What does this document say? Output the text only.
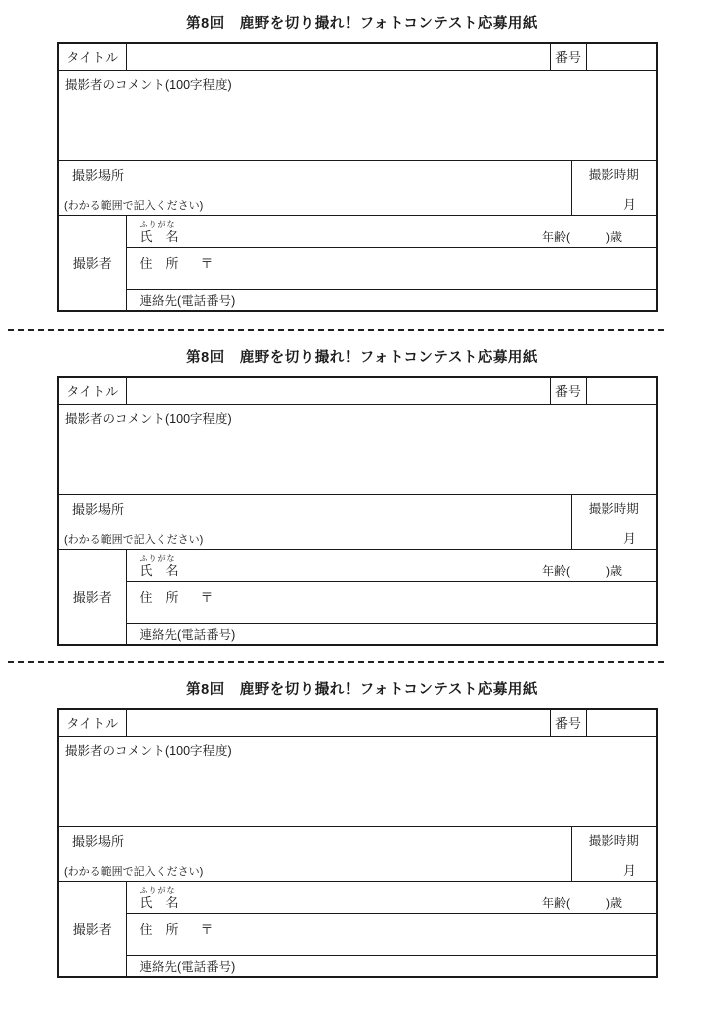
第8回　鹿野を切り撮れ！フォトコンテスト応募用紙
タイトル		番号		

撮影者のコメント(100字程度)				

撮影場所
(わかる範囲で記入ください)			撮影時期
月	

撮影者	ふりがな
氏　名 年齢(　　　)歳			

	住　所 〒			

	連絡先(電話番号)			
第8回　鹿野を切り撮れ！フォトコンテスト応募用紙
タイトル		番号		

撮影者のコメント(100字程度)				

撮影場所
(わかる範囲で記入ください)			撮影時期
月	

撮影者	ふりがな
氏　名 年齢(　　　)歳			

	住　所 〒			

	連絡先(電話番号)			
第8回　鹿野を切り撮れ！フォトコンテスト応募用紙
タイトル		番号		

撮影者のコメント(100字程度)				

撮影場所
(わかる範囲で記入ください)			撮影時期
月	

撮影者	ふりがな
氏　名 年齢(　　　)歳			

	住　所 〒			

	連絡先(電話番号)			
